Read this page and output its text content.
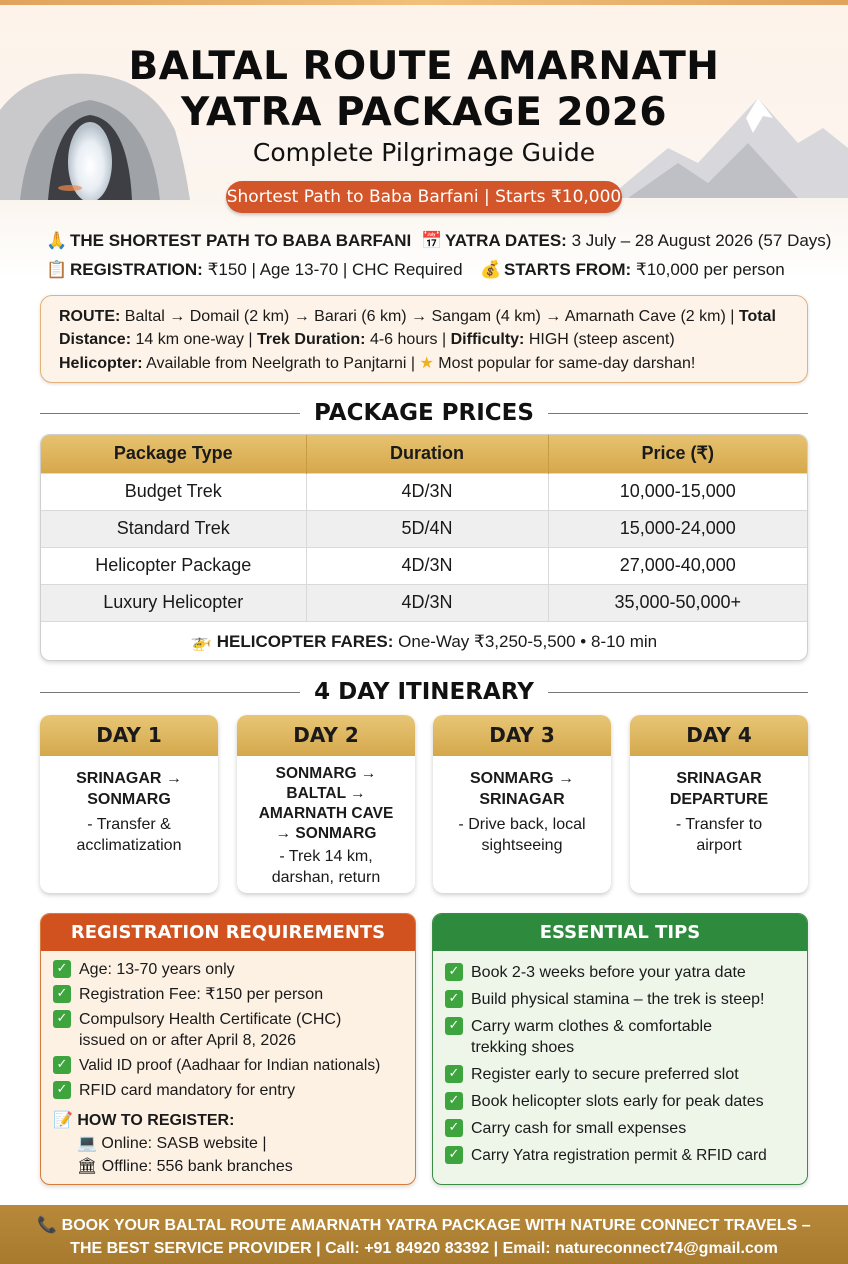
BALTAL ROUTE AMARNATH
YATRA PACKAGE 2026
Complete Pilgrimage Guide
Shortest Path to Baba Barfani | Starts ₹10,000
🙏 THE SHORTEST PATH TO BABA BARFANI 📅 YATRA DATES: 3 July – 28 August 2026 (57 Days)
📋 REGISTRATION: ₹150 | Age 13-70 | CHC Required 💰 STARTS FROM: ₹10,000 per person
ROUTE: Baltal → Domail (2 km) → Barari (6 km) → Sangam (4 km) → Amarnath Cave (2 km) | Total Distance: 14 km one-way | Trek Duration: 4-6 hours | Difficulty: HIGH (steep ascent)
Helicopter: Available from Neelgrath to Panjtarni | ★ Most popular for same-day darshan!
PACKAGE PRICES
Package Type	Duration	Price (₹)
Budget Trek	4D/3N	10,000-15,000
Standard Trek	5D/4N	15,000-24,000
Helicopter Package	4D/3N	27,000-40,000
Luxury Helicopter	4D/3N	35,000-50,000+
🚁 HELICOPTER FARES: One-Way ₹3,250-5,500 • 8-10 min
4 DAY ITINERARY
DAY 1
SRINAGAR → SONMARG
- Transfer & acclimatization
DAY 2
SONMARG → BALTAL → AMARNATH CAVE → SONMARG
- Trek 14 km, darshan, return
DAY 3
SONMARG → SRINAGAR
- Drive back, local sightseeing
DAY 4
SRINAGAR DEPARTURE
- Transfer to airport
REGISTRATION REQUIREMENTS
✓ Age: 13-70 years only
✓ Registration Fee: ₹150 per person
✓ Compulsory Health Certificate (CHC) issued on or after April 8, 2026
✓ Valid ID proof (Aadhaar for Indian nationals)
✓ RFID card mandatory for entry
📝 HOW TO REGISTER:
💻 Online: SASB website |
🏛 Offline: 556 bank branches
ESSENTIAL TIPS
✓ Book 2-3 weeks before your yatra date
✓ Build physical stamina – the trek is steep!
✓ Carry warm clothes & comfortable trekking shoes
✓ Register early to secure preferred slot
✓ Book helicopter slots early for peak dates
✓ Carry cash for small expenses
✓ Carry Yatra registration permit & RFID card
📞 BOOK YOUR BALTAL ROUTE AMARNATH YATRA PACKAGE WITH NATURE CONNECT TRAVELS –
THE BEST SERVICE PROVIDER | Call: +91 84920 83392 | Email: natureconnect74@gmail.com
